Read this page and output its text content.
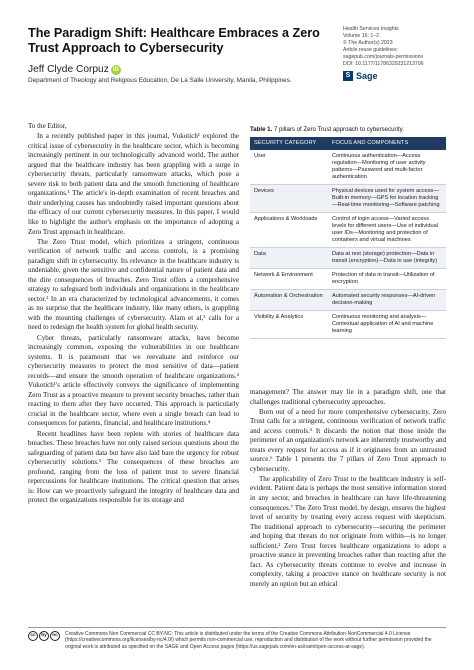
The Paradigm Shift: Healthcare Embraces a Zero Trust Approach to Cybersecurity
Jeff Clyde
Corpuz iD
Department of Theology and Religious Education, De La Salle University, Manila, Philippines.
Health Services Insights
Volume 16: 1–2
© The Author(s) 2023
Article reuse guidelines:
sagepub.com/journals-permissions
DOI: 10.1177/11786329231213706
S Sage

To the Editor,

In a recently published paper in this journal, Vukotich¹ explored the critical issue of cybersecurity in the healthcare sector, which is becoming increasingly pertinent in our technologically advanced world. The author argued that the healthcare industry has been grappling with a surge in cybersecurity threats, particularly ransomware attacks, which pose a severe risk to both patient data and the smooth functioning of healthcare organizations.¹ The article's in-depth examination of recent breaches and their underlying causes has undoubtedly raised important questions about the efficacy of our current cybersecurity measures. In this paper, I would like to highlight the author's emphasis on the importance of adopting a Zero Trust approach in healthcare.

The Zero Trust model, which prioritizes a stringent, continuous verification of network traffic and access controls, is a promising paradigm shift in cybersecurity. Its relevance in the healthcare industry is undeniable, given the sensitive and confidential nature of patient data and the dire consequences of breaches. Zero Trust offers a comprehensive strategy to safeguard both individuals and organizations in the healthcare sector.² In an era characterized by technological advancements, it comes as no surprise that the healthcare industry, like many others, is grappling with the mounting challenges of cybersecurity. Alam et al,³ calls for a need to redesign the health system for global health security.

Cyber threats, particularly ransomware attacks, have become increasingly common, exposing the vulnerabilities in our healthcare systems. It is paramount that we reevaluate and reinforce our cybersecurity measures to protect the most sensitive of data—patient records—and ensure the smooth operation of healthcare organizations.⁴ Vukotich¹'s article effectively conveys the significance of implementing Zero Trust as a proactive measure to prevent security breaches, rather than reacting to them after they have occurred. This approach is particularly crucial in the healthcare sector, where even a single breach can lead to consequences for patients, financial, and healthcare institutions.⁴

Recent headlines have been replete with stories of healthcare data breaches. These breaches have not only raised serious questions about the safeguarding of patient data but have also laid bare the urgency for robust cybersecurity solutions.⁵ The consequences of these breaches are profound, ranging from the loss of patient trust to severe financial repercussions for healthcare institutions. The critical question that arises is: How can we proactively safeguard the integrity of healthcare data and protect the organizations responsible for its storage and

Table 1. 7 pillars of Zero Trust approach to cybersecurity.
SECURITY CATEGORY	FOCUS AND COMPONENTS
User	Continuous authentication—Access regulation—Monitoring of user activity patterns—Password and multi-factor authentication
Devices	Physical devices used for system access—Built-in memory—GPS for location tracking—Real-time monitoring—Software patching
Applications & Workloads	Control of login access—Varied access levels for different users—Use of individual user IDs—Monitoring and protection of containers and virtual machines
Data	Data at rest (storage) protection—Data in transit (encryption)—Data in use (integrity)
Network & Environment	Protection of data in transit—Utilization of encryption
Automation & Orchestration	Automated security responses—AI-driven decision-making
Visibility & Analytics	Continuous monitoring and analysis—Contextual application of AI and machine learning

management? The answer may lie in a paradigm shift, one that challenges traditional cybersecurity approaches.

Born out of a need for more comprehensive cybersecurity, Zero Trust calls for a stringent, continuous verification of network traffic and access controls.⁵ It discards the notion that those inside the perimeter of an organization's network are inherently trustworthy and treats every request for access as if it originates from an untrusted source.⁶ Table 1 presents the 7 pillars of Zero Trust approach to cybersecurity.

The applicability of Zero Trust to the healthcare industry is self-evident. Patient data is perhaps the most sensitive information stored in any sector, and breaches in healthcare can have life-threatening consequences.⁷ The Zero Trust model, by design, ensures the highest level of security by treating every access request with skepticism. The traditional approach to cybersecurity—securing the perimeter and hoping that threats do not originate from within—is no longer sufficient.² Zero Trust forces healthcare organizations to adopt a proactive stance in preventing breaches rather than reacting after the fact. As cybersecurity threats continue to evolve and increase in complexity, taking a proactive stance on healthcare security is not merely an option but an ethical

cc	by	nc	Creative Commons Non Commercial CC BY-NC: This article is distributed under the terms of the Creative Commons Attribution-NonCommercial 4.0 License (https://creativecommons.org/licenses/by-nc/4.0/) which permits non-commercial use, reproduction and distribution of the work without further permission provided the original work is attributed as specified on the SAGE and Open Access pages (https://us.sagepub.com/en-us/nam/open-access-at-sage).
